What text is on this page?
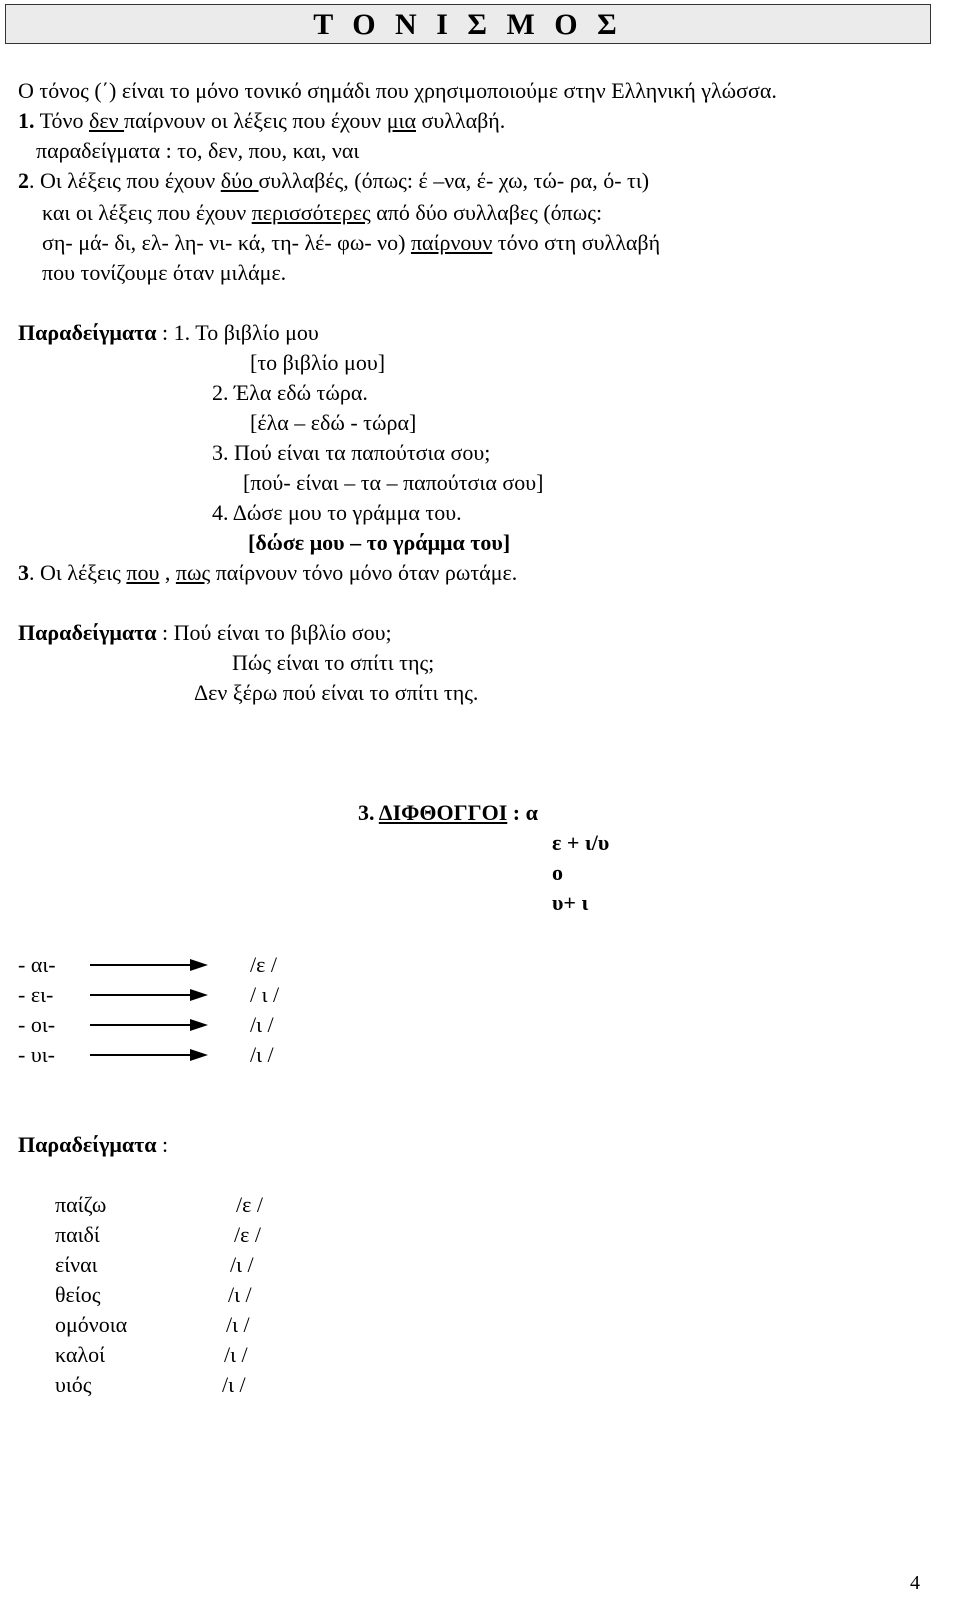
Τ Ο Ν Ι Σ Μ Ο Σ
Ο τόνος (΄) είναι το μόνο τονικό σημάδι που χρησιμοποιούμε στην Ελληνική γλώσσα.
1. Τόνο δεν παίρνουν οι λέξεις που έχουν μια συλλαβή.
παραδείγματα : το, δεν, που, και, ναι
2. Οι λέξεις που έχουν δύο συλλαβές, (όπως: έ –να, έ- χω, τώ- ρα, ό- τι)
και οι λέξεις που έχουν περισσότερες από δύο συλλαβες (όπως:
ση- μά- δι, ελ- λη- νι- κά, τη- λέ- φω- νο) παίρνουν τόνο στη συλλαβή
που τονίζουμε όταν μιλάμε.
Παραδείγματα : 1. Το βιβλίο μου
[το βιβλίο μου]
2. Έλα εδώ τώρα.
[έλα – εδώ - τώρα]
3. Πού είναι τα παπούτσια σου;
[πού- είναι – τα – παπούτσια σου]
4. Δώσε μου το γράμμα του.
[δώσε μου – το γράμμα του]
3. Οι λέξεις που , πως παίρνουν τόνο μόνο όταν ρωτάμε.
Παραδείγματα : Πού είναι το βιβλίο σου;
Πώς είναι το σπίτι της;
Δεν ξέρω πού είναι το σπίτι της.
3. ΔΙΦΘΟΓΓΟΙ : α
ε + ι/υ
ο
υ+ ι
- αι-	/ε /
- ει-	/ ι /
- οι-	/ι /
- υι-	/ι /
Παραδείγματα :
παίζω	/ε /
παιδί	/ε /
είναι	/ι /
θείος	/ι /
ομόνοια	/ι /
καλοί	/ι /
υιός	/ι /
4
